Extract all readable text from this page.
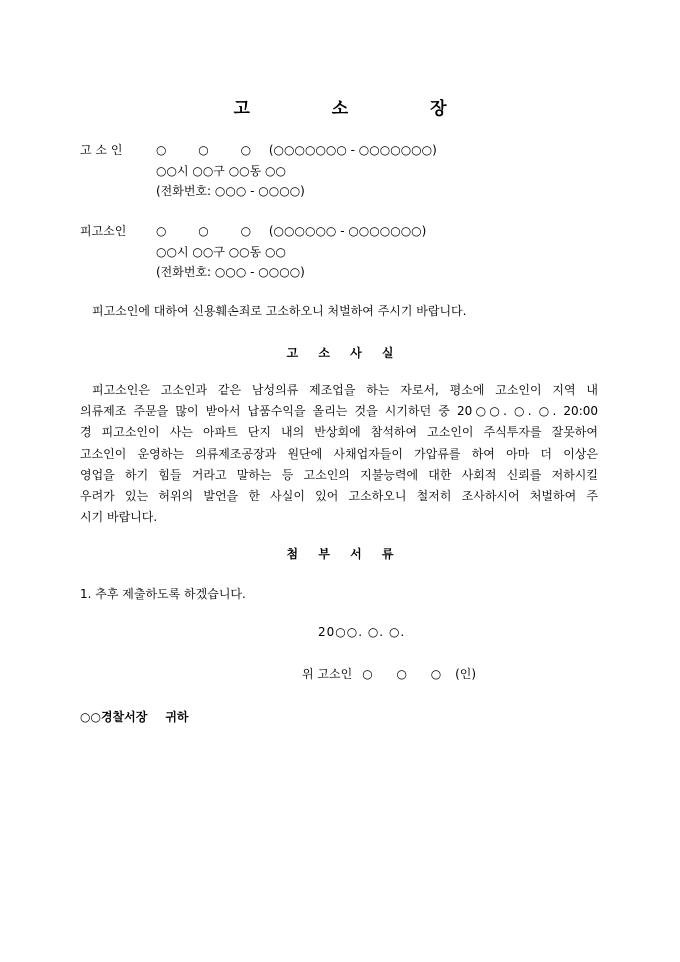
고 소 장
고 소 인	○ ○ ○ (○○○○○○○ - ○○○○○○○)
○○시 ○○구 ○○동 ○○
(전화번호: ○○○ - ○○○○)
피고소인 ○ ○ ○ (○○○○○○ - ○○○○○○○)
○○시 ○○구 ○○동 ○○
(전화번호: ○○○ - ○○○○)
피고소인에 대하여 신용훼손죄로 고소하오니 처벌하여 주시기 바랍니다.
고 소 사 실
피고소인은 고소인과 같은 남성의류 제조업을 하는 자로서, 평소에 고소인이 지역 내
의류제조 주문을 많이 받아서 납품수익을 올리는 것을 시기하던 중 20○○. ○. ○. 20:00
경 피고소인이 사는 아파트 단지 내의 반상회에 참석하여 고소인이 주식투자를 잘못하여
고소인이 운영하는 의류제조공장과 원단에 사채업자들이 가압류를 하여 아마 더 이상은
영업을 하기 힘들 거라고 말하는 등 고소인의 지불능력에 대한 사회적 신뢰를 저하시킬
우려가 있는 허위의 발언을 한 사실이 있어 고소하오니 철저히 조사하시어 처벌하여 주
시기 바랍니다.
첨 부 서 류
1. 추후 제출하도록 하겠습니다.
20○○. ○. ○.
위 고소인 ○ ○ ○ (인)
○○경찰서장 귀하
